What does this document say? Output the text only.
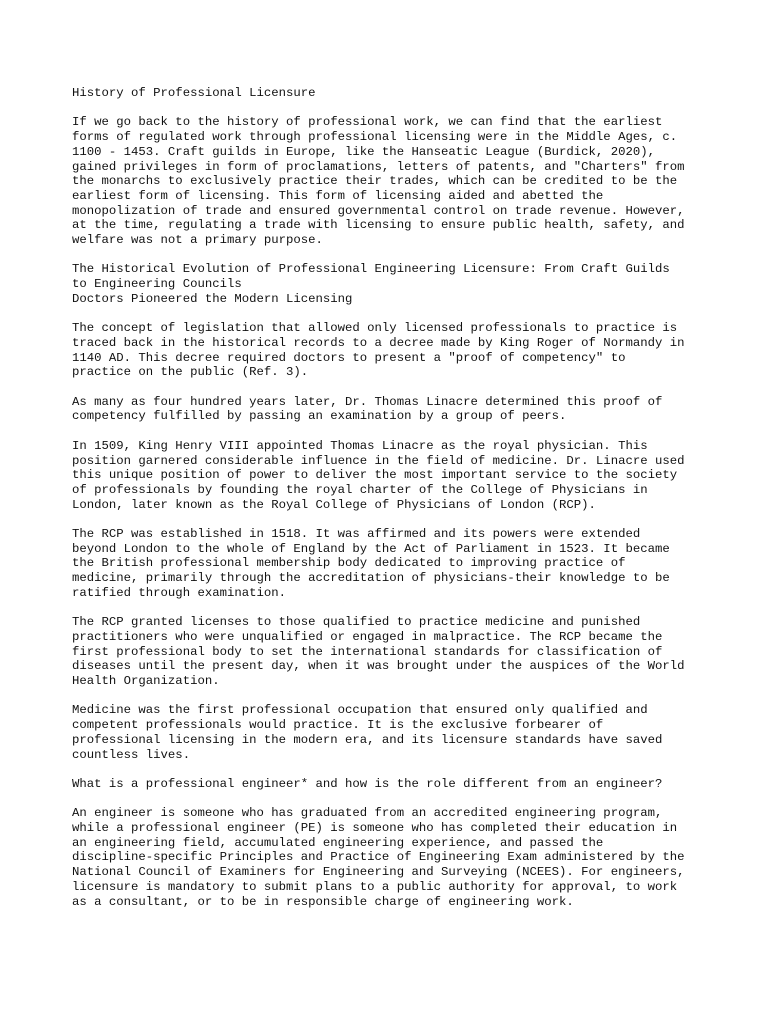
History of Professional Licensure

If we go back to the history of professional work, we can find that the earliest
forms of regulated work through professional licensing were in the Middle Ages, c.
1100 - 1453. Craft guilds in Europe, like the Hanseatic League (Burdick, 2020),
gained privileges in form of proclamations, letters of patents, and "Charters" from
the monarchs to exclusively practice their trades, which can be credited to be the
earliest form of licensing. This form of licensing aided and abetted the
monopolization of trade and ensured governmental control on trade revenue. However,
at the time, regulating a trade with licensing to ensure public health, safety, and
welfare was not a primary purpose.

The Historical Evolution of Professional Engineering Licensure: From Craft Guilds
to Engineering Councils
Doctors Pioneered the Modern Licensing

The concept of legislation that allowed only licensed professionals to practice is
traced back in the historical records to a decree made by King Roger of Normandy in
1140 AD. This decree required doctors to present a "proof of competency" to
practice on the public (Ref. 3).

As many as four hundred years later, Dr. Thomas Linacre determined this proof of
competency fulfilled by passing an examination by a group of peers.

In 1509, King Henry VIII appointed Thomas Linacre as the royal physician. This
position garnered considerable influence in the field of medicine. Dr. Linacre used
this unique position of power to deliver the most important service to the society
of professionals by founding the royal charter of the College of Physicians in
London, later known as the Royal College of Physicians of London (RCP).

The RCP was established in 1518. It was affirmed and its powers were extended
beyond London to the whole of England by the Act of Parliament in 1523. It became
the British professional membership body dedicated to improving practice of
medicine, primarily through the accreditation of physicians-their knowledge to be
ratified through examination.

The RCP granted licenses to those qualified to practice medicine and punished
practitioners who were unqualified or engaged in malpractice. The RCP became the
first professional body to set the international standards for classification of
diseases until the present day, when it was brought under the auspices of the World
Health Organization.

Medicine was the first professional occupation that ensured only qualified and
competent professionals would practice. It is the exclusive forbearer of
professional licensing in the modern era, and its licensure standards have saved
countless lives.

What is a professional engineer* and how is the role different from an engineer?

An engineer is someone who has graduated from an accredited engineering program,
while a professional engineer (PE) is someone who has completed their education in
an engineering field, accumulated engineering experience, and passed the
discipline-specific Principles and Practice of Engineering Exam administered by the
National Council of Examiners for Engineering and Surveying (NCEES). For engineers,
licensure is mandatory to submit plans to a public authority for approval, to work
as a consultant, or to be in responsible charge of engineering work.
